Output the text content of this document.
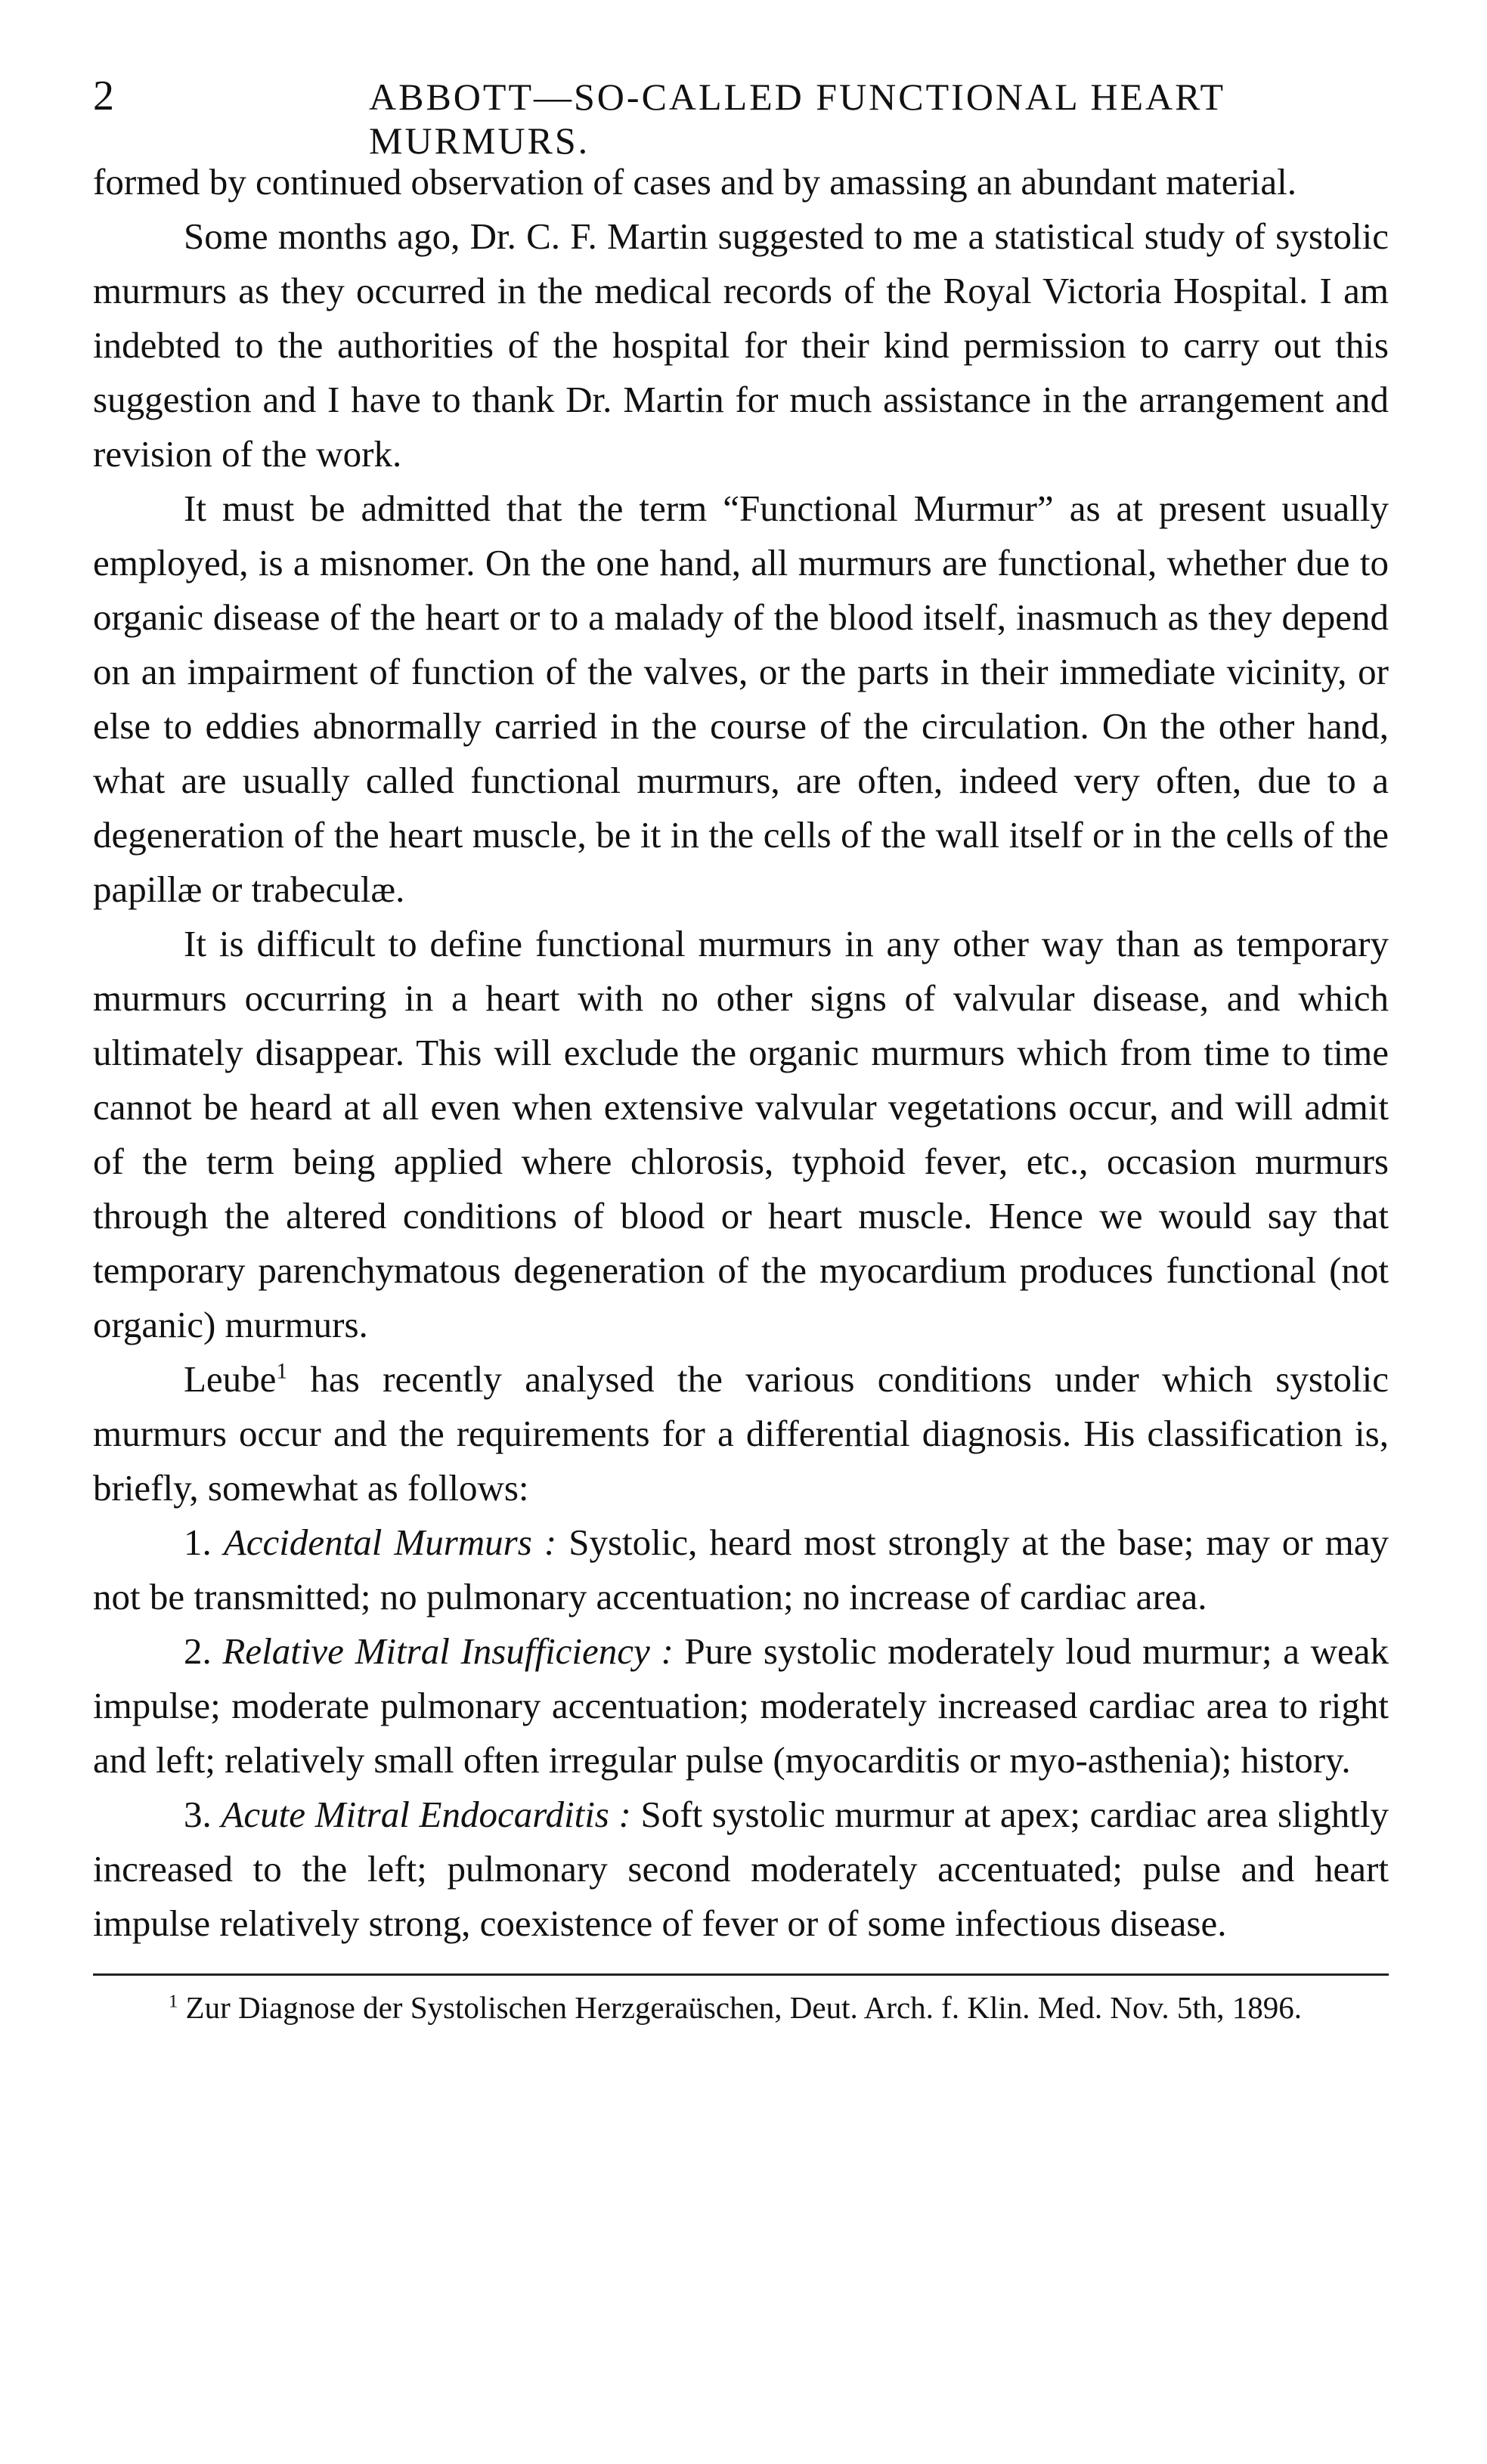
2	ABBOTT—SO-CALLED FUNCTIONAL HEART MURMURS.

formed by continued observation of cases and by amassing an abundant material.

Some months ago, Dr. C. F. Martin suggested to me a statistical study of systolic murmurs as they occurred in the medical records of the Royal Victoria Hospital. I am indebted to the authorities of the hospital for their kind permission to carry out this suggestion and I have to thank Dr. Martin for much assistance in the arrangement and revision of the work.

It must be admitted that the term “Functional Murmur” as at present usually employed, is a misnomer. On the one hand, all murmurs are functional, whether due to organic disease of the heart or to a malady of the blood itself, inasmuch as they depend on an impairment of function of the valves, or the parts in their immediate vicinity, or else to eddies abnormally carried in the course of the circulation. On the other hand, what are usually called functional murmurs, are often, indeed very often, due to a degeneration of the heart muscle, be it in the cells of the wall itself or in the cells of the papillæ or trabeculæ.

It is difficult to define functional murmurs in any other way than as temporary murmurs occurring in a heart with no other signs of valvular disease, and which ultimately disappear. This will exclude the organic murmurs which from time to time cannot be heard at all even when extensive valvular vegetations occur, and will admit of the term being applied where chlorosis, typhoid fever, etc., occasion murmurs through the altered conditions of blood or heart muscle. Hence we would say that temporary parenchymatous degeneration of the myocardium produces functional (not organic) murmurs.

Leube$^1$ has recently analysed the various conditions under which systolic murmurs occur and the requirements for a differential diagnosis. His classification is, briefly, somewhat as follows:

1. Accidental Murmurs : Systolic, heard most strongly at the base; may or may not be transmitted; no pulmonary accentuation; no increase of cardiac area.

2. Relative Mitral Insufficiency : Pure systolic moderately loud murmur; a weak impulse; moderate pulmonary accentuation; moderately increased cardiac area to right and left; relatively small often irregular pulse (myocarditis or myo-asthenia); history.

3. Acute Mitral Endocarditis : Soft systolic murmur at apex; cardiac area slightly increased to the left; pulmonary second moderately accentuated; pulse and heart impulse relatively strong, coexistence of fever or of some infectious disease.

$^1$ Zur Diagnose der Systolischen Herzgeraüschen, Deut. Arch. f. Klin. Med. Nov. 5th, 1896.
